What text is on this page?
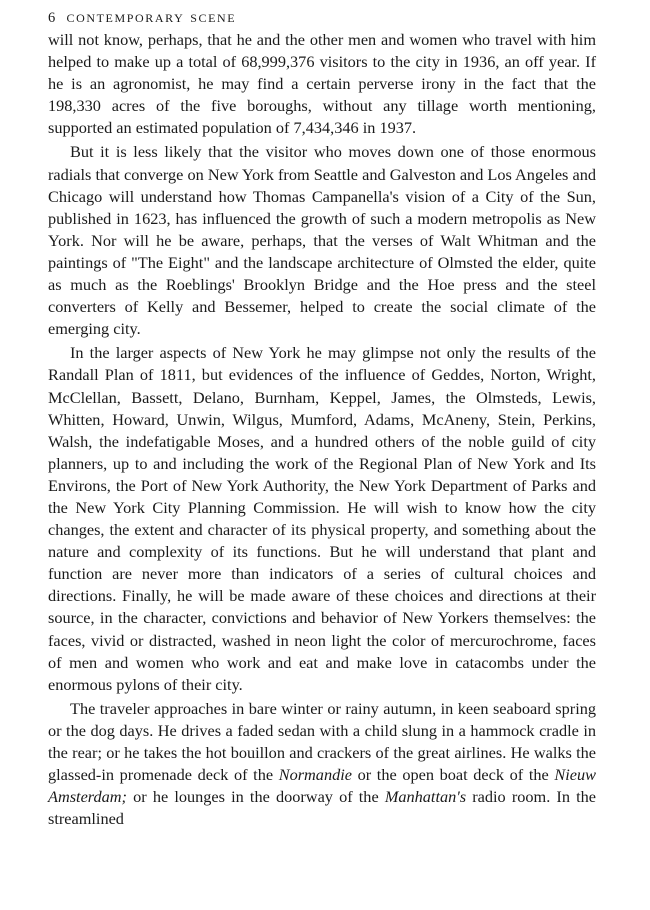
6 contemporary scene

will not know, perhaps, that he and the other men and women who travel with him helped to make up a total of 68,999,376 visitors to the city in 1936, an off year. If he is an agronomist, he may find a certain perverse irony in the fact that the 198,330 acres of the five boroughs, without any tillage worth mentioning, supported an estimated population of 7,434,346 in 1937.

But it is less likely that the visitor who moves down one of those enormous radials that converge on New York from Seattle and Galveston and Los Angeles and Chicago will understand how Thomas Campanella's vision of a City of the Sun, published in 1623, has influenced the growth of such a modern metropolis as New York. Nor will he be aware, perhaps, that the verses of Walt Whitman and the paintings of "The Eight" and the landscape architecture of Olmsted the elder, quite as much as the Roeblings' Brooklyn Bridge and the Hoe press and the steel converters of Kelly and Bessemer, helped to create the social climate of the emerging city.

In the larger aspects of New York he may glimpse not only the results of the Randall Plan of 1811, but evidences of the influence of Geddes, Norton, Wright, McClellan, Bassett, Delano, Burnham, Keppel, James, the Olmsteds, Lewis, Whitten, Howard, Unwin, Wilgus, Mumford, Adams, McAneny, Stein, Perkins, Walsh, the indefatigable Moses, and a hundred others of the noble guild of city planners, up to and including the work of the Regional Plan of New York and Its Environs, the Port of New York Authority, the New York Department of Parks and the New York City Planning Commission. He will wish to know how the city changes, the extent and character of its physical property, and something about the nature and complexity of its functions. But he will understand that plant and function are never more than indicators of a series of cultural choices and directions. Finally, he will be made aware of these choices and directions at their source, in the character, convictions and behavior of New Yorkers themselves: the faces, vivid or distracted, washed in neon light the color of mercurochrome, faces of men and women who work and eat and make love in catacombs under the enormous pylons of their city.

The traveler approaches in bare winter or rainy autumn, in keen seaboard spring or the dog days. He drives a faded sedan with a child slung in a hammock cradle in the rear; or he takes the hot bouillon and crackers of the great airlines. He walks the glassed-in promenade deck of the Normandie or the open boat deck of the Nieuw Amsterdam; or he lounges in the doorway of the Manhattan's radio room. In the streamlined
